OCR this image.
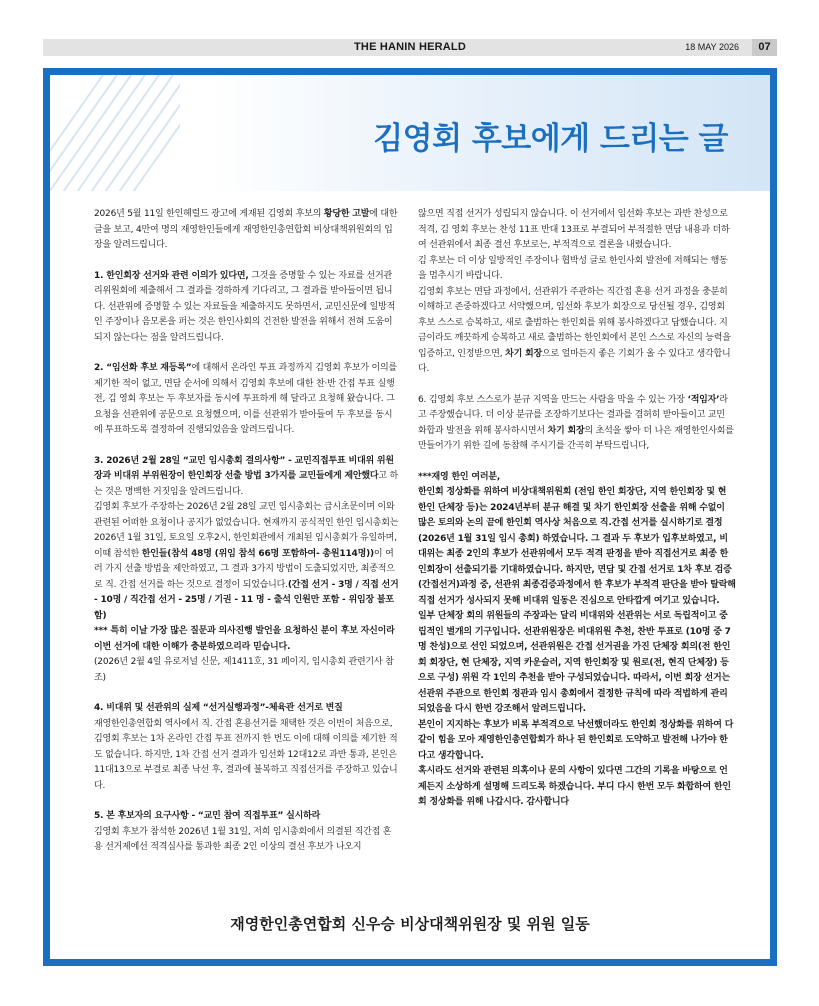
THE HANIN HERALD	18 MAY 2026	07
김영회 후보에게 드리는 글

2026년 5월 11일 한인헤럴드 광고에 게재된 김영회 후보의 황당한 고발에 대한 글을 보고, 4만여 명의 재영한인들에게 재영한인총연합회 비상대책위원회의 입장을 알려드립니다.

1. 한인회장 선거와 관련 이의가 있다면, 그것을 증명할 수 있는 자료를 선거관리위원회에 제출해서 그 결과를 경하하게 기다리고, 그 결과를 받아들이면 됩니다. 선관위에 증명할 수 있는 자료들을 제출하지도 못하면서, 교민신문에 일방적인 주장이나 음모론을 퍼는 것은 한인사회의 건전한 발전을 위해서 전혀 도움이 되지 않는다는 점을 알려드립니다.

2. “임선화 후보 재등록”에 대해서 온라인 투표 과정까지 김영회 후보가 이의를 제기한 적이 없고, 면담 순서에 의해서 김영회 후보에 대한 찬·반 간접 투표 실행 전, 김 영회 후보는 두 후보자를 동시에 투표하게 해 달라고 요청해 왔습니다. 그 요청을 선관위에 공문으로 요청했으며, 이를 선관위가 받아들여 두 후보를 동시에 투표하도록 결정하여 진행되었음을 알려드립니다.

3. 2026년 2월 28일 “교민 임시총회 결의사항” - 교민직접투표 비대위 위원장과 비대위 부위원장이 한인회장 선출 방법 3가지를 교민들에게 제안했다고 하는 것은 명백한 거짓임을 알려드립니다.
김영회 후보가 주장하는 2026년 2월 28일 교민 임시총회는 급시초문이며 이와 관련된 어떠한 요청이나 공지가 없었습니다. 현재까지 공식적인 한인 임시총회는 2026년 1월 31일, 토요일 오후2시, 한인회관에서 개최된 임시총회가 유일하며, 이때 참석한 한인들(참석 48명 (위임 참석 66명 포함하여- 총원114명))이 여러 가지 선출 방법을 제안하였고, 그 결과 3가지 방법이 도출되었지만, 최종적으로 직. 간접 선거를 하는 것으로 결정이 되었습니다.(간접 선거 - 3명 / 직접 선거 - 10명 / 직간접 선거 - 25명 / 기권 - 11 명 - 출석 인원만 포함 - 위임장 불포함)
*** 특히 이날 가장 많은 질문과 의사진행 발언을 요청하신 분이 후보 자신이라 이번 선거에 대한 이해가 충분하였으리라 믿습니다.
(2026년 2월 4일 유로저널 신문, 제1411호, 31 페이지, 임시총회 관련기사 참조)

4. 비대위 및 선관위의 실제 “선거실행과정”-체육관 선거로 변질
재영한인총연합회 역사에서 직. 간접 혼용선거를 채택한 것은 이번이 처음으로, 김영회 후보는 1차 온라인 간접 투표 전까지 한 번도 이에 대해 이의를 제기한 적도 없습니다. 하지만, 1차 간접 선거 결과가 임선화 12대12로 과반 통과, 본인은 11대13으로 부결로 최종 낙선 후, 결과에 불복하고 직접선거를 주장하고 있습니다.

5. 본 후보자의 요구사항 - “교민 참여 직접투표” 실시하라
김영회 후보가 참석한 2026년 1월 31일, 저희 임시총회에서 의결된 직간접 혼용 선거제에선 적격심사를 통과한 최종 2인 이상의 결선 후보가 나오지

않으면 직접 선거가 성립되지 않습니다. 이 선거에서 임선화 후보는 과반 찬성으로 적격, 김 영회 후보는 찬성 11표 반대 13표로 부결되어 부적절한 면담 내용과 더하여 선관위에서 최종 결선 후보로는, 부적격으로 결론을 내렸습니다.
김 후보는 더 이상 일방적인 주장이나 협박성 글로 한인사회 발전에 저해되는 행동을 멈추시기 바랍니다.
김영회 후보는 면담 과정에서, 선관위가 주관하는 직간접 혼용 선거 과정을 충분히 이해하고 존중하겠다고 서약했으며, 임선화 후보가 회장으로 당선될 경우, 김영회 후보 스스로 승복하고, 새로 출범하는 한인회를 위해 봉사하겠다고 답했습니다. 지금이라도 깨끗하게 승복하고 새로 출범하는 한인회에서 본인 스스로 자신의 능력을 입증하고, 인정받으면, 차기 회장으로 얼마든지 좋은 기회가 올 수 있다고 생각합니다.

6. 김영회 후보 스스로가 분규 지역을 만드는 사람을 막을 수 있는 가장 ‘적임자’라고 주장했습니다. 더 이상 분규를 조장하기보다는 결과를 겸허히 받아들이고 교민 화합과 발전을 위해 봉사하시면서 차기 회장의 초석을 쌓아 더 나은 재영한인사회를 만들어가기 위한 길에 동참해 주시기를 간곡히 부탁드립니다,

***재영 한인 여러분,
한인회 정상화를 위하여 비상대책위원회 (전임 한인 회장단, 지역 한인회장 및 현 한인 단체장 등)는 2024년부터 분규 해결 및 차기 한인회장 선출을 위해 수없이 많은 토의와 논의 끝에 한인회 역사상 처음으로 직.간접 선거를 실시하기로 결정 (2026년 1월 31일 임시 총회) 하였습니다. 그 결과 두 후보가 입후보하였고, 비대위는 최종 2인의 후보가 선관위에서 모두 적격 판정을 받아 직접선거로 최종 한인회장이 선출되기를 기대하였습니다. 하지만, 면담 및 간접 선거로 1차 후보 검증 (간접선거)과정 중, 선관위 최종검증과정에서 한 후보가 부적격 판단을 받아 탈락해 직접 선거가 성사되지 못해 비대위 일동은 진심으로 안타깝게 여기고 있습니다.
일부 단체장 회의 위원들의 주장과는 달리 비대위와 선관위는 서로 독립적이고 중립적인 별개의 기구입니다. 선관위원장은 비대위원 추천, 찬반 투표로 (10명 중 7명 찬성)으로 선인 되었으며, 선관위원은 간접 선거권을 가진 단체장 회의(전 한인회 회장단, 현 단체장, 지역 카운슬러, 지역 한인회장 및 원로(전, 현직 단체장) 등으로 구성) 위원 각 1인의 추천을 받아 구성되었습니다. 따라서, 이번 회장 선거는 선관위 주관으로 한인회 정관과 임시 총회에서 결정한 규칙에 따라 적법하게 관리되었음을 다시 한번 강조해서 알려드립니다.
본인이 지지하는 후보가 비록 부적격으로 낙선했더라도 한인회 정상화를 위하여 다 같이 힘을 모아 재영한인총연합회가 하나 된 한인회로 도약하고 발전해 나가야 한다고 생각합니다.
혹시라도 선거와 관련된 의혹이나 문의 사항이 있다면 그간의 기록을 바탕으로 언제든지 소상하게 설명해 드리도록 하겠습니다. 부디 다시 한번 모두 화합하여 한인회 정상화를 위해 나갑시다. 감사합니다

재영한인총연합회 신우승 비상대책위원장 및 위원 일동
